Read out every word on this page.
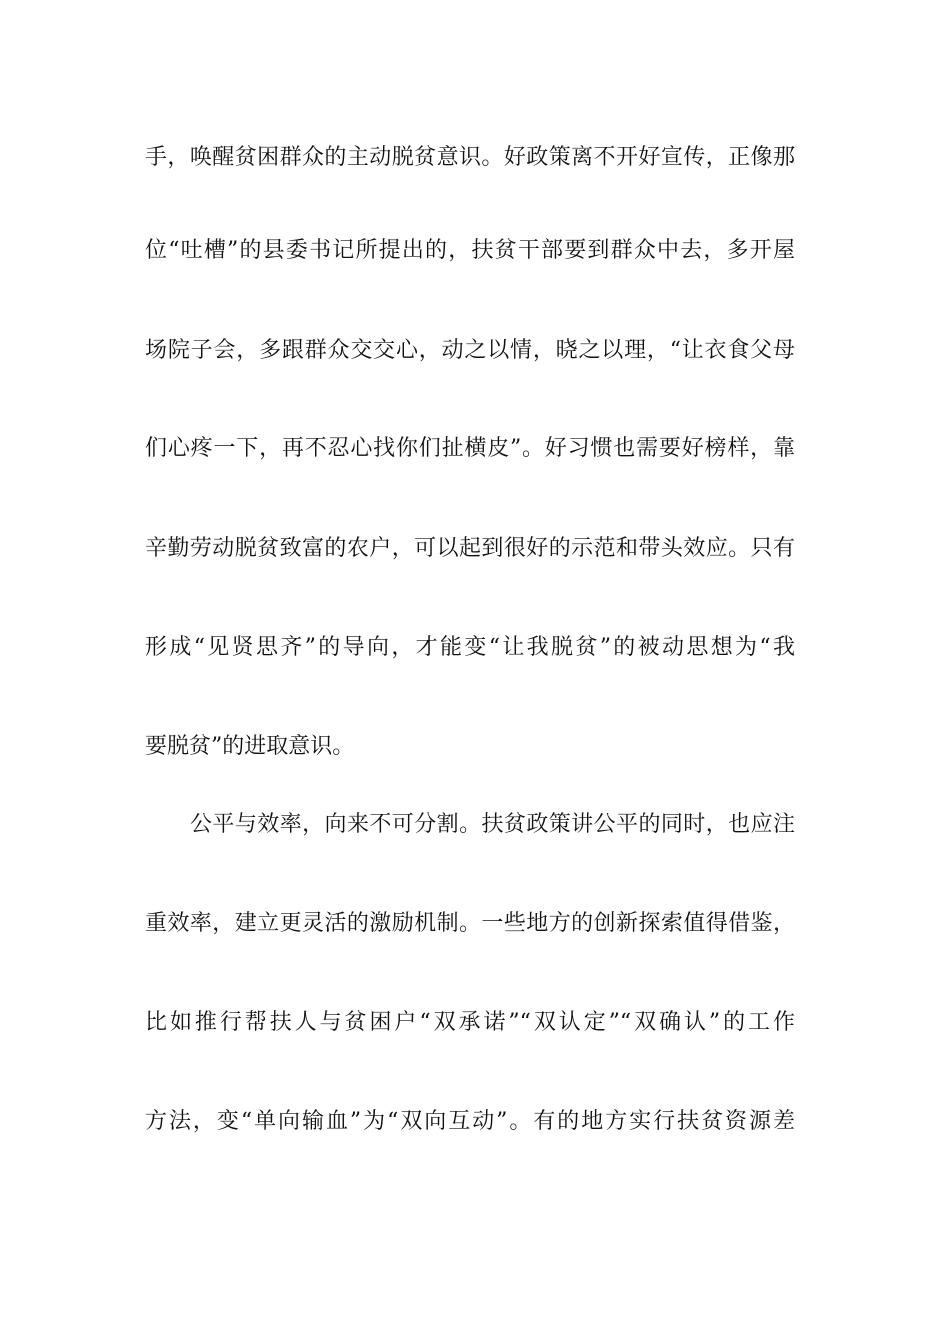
手，唤醒贫困群众的主动脱贫意识。好政策离不开好宣传，正像那
位“吐槽”的县委书记所提出的，扶贫干部要到群众中去，多开屋
场院子会，多跟群众交交心，动之以情，晓之以理，“让衣食父母
们心疼一下，再不忍心找你们扯横皮”。好习惯也需要好榜样，靠
辛勤劳动脱贫致富的农户，可以起到很好的示范和带头效应。只有
形成“见贤思齐”的导向，才能变“让我脱贫”的被动思想为“我
要脱贫”的进取意识。
公平与效率，向来不可分割。扶贫政策讲公平的同时，也应注
重效率，建立更灵活的激励机制。一些地方的创新探索值得借鉴，
比如推行帮扶人与贫困户“双承诺”“双认定”“双确认”的工作
方法，变“单向输血”为“双向互动”。有的地方实行扶贫资源差
